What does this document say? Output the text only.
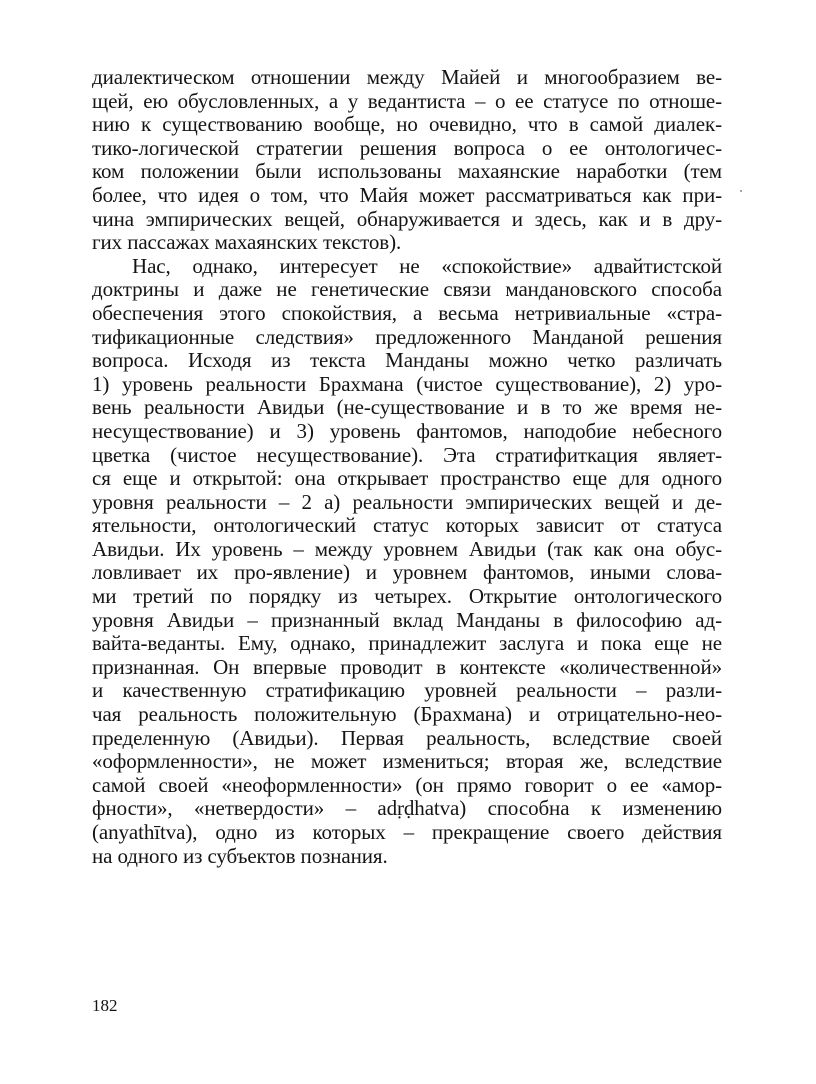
диалектическом отношении между Майей и многообразием ве-
щей, ею обусловленных, а у ведантиста – о ее статусе по отноше-
нию к существованию вообще, но очевидно, что в самой диалек-
тико-логической стратегии решения вопроса о ее онтологичес-
ком положении были использованы махаянские наработки (тем
более, что идея о том, что Майя может рассматриваться как при-
чина эмпирических вещей, обнаруживается и здесь, как и в дру-
гих пассажах махаянских текстов).

Нас, однако, интересует не «спокойствие» адвайтистской
доктрины и даже не генетические связи мандановского способа
обеспечения этого спокойствия, а весьма нетривиальные «стра-
тификационные следствия» предложенного Манданой решения
вопроса. Исходя из текста Манданы можно четко различать
1) уровень реальности Брахмана (чистое существование), 2) уро-
вень реальности Авидьи (не-существование и в то же время не-
несуществование) и 3) уровень фантомов, наподобие небесного
цветка (чистое несуществование). Эта стратифиткация являет-
ся еще и открытой: она открывает пространство еще для одного
уровня реальности – 2 а) реальности эмпирических вещей и де-
ятельности, онтологический статус которых зависит от статуса
Авидьи. Их уровень – между уровнем Авидьи (так как она обус-
ловливает их про-явление) и уровнем фантомов, иными слова-
ми третий по порядку из четырех. Открытие онтологического
уровня Авидьи – признанный вклад Манданы в философию ад-
вайта-веданты. Ему, однако, принадлежит заслуга и пока еще не
признанная. Он впервые проводит в контексте «количественной»
и качественную стратификацию уровней реальности – разли-
чая реальность положительную (Брахмана) и отрицательно-нео-
пределенную (Авидьи). Первая реальность, вследствие своей
«оформленности», не может измениться; вторая же, вследствие
самой своей «неоформленности» (он прямо говорит о ее «амор-
фности», «нетвердости» – adṛḍhatva) способна к изменению
(anyathītva), одно из которых – прекращение своего действия
на одного из субъектов познания.

182
